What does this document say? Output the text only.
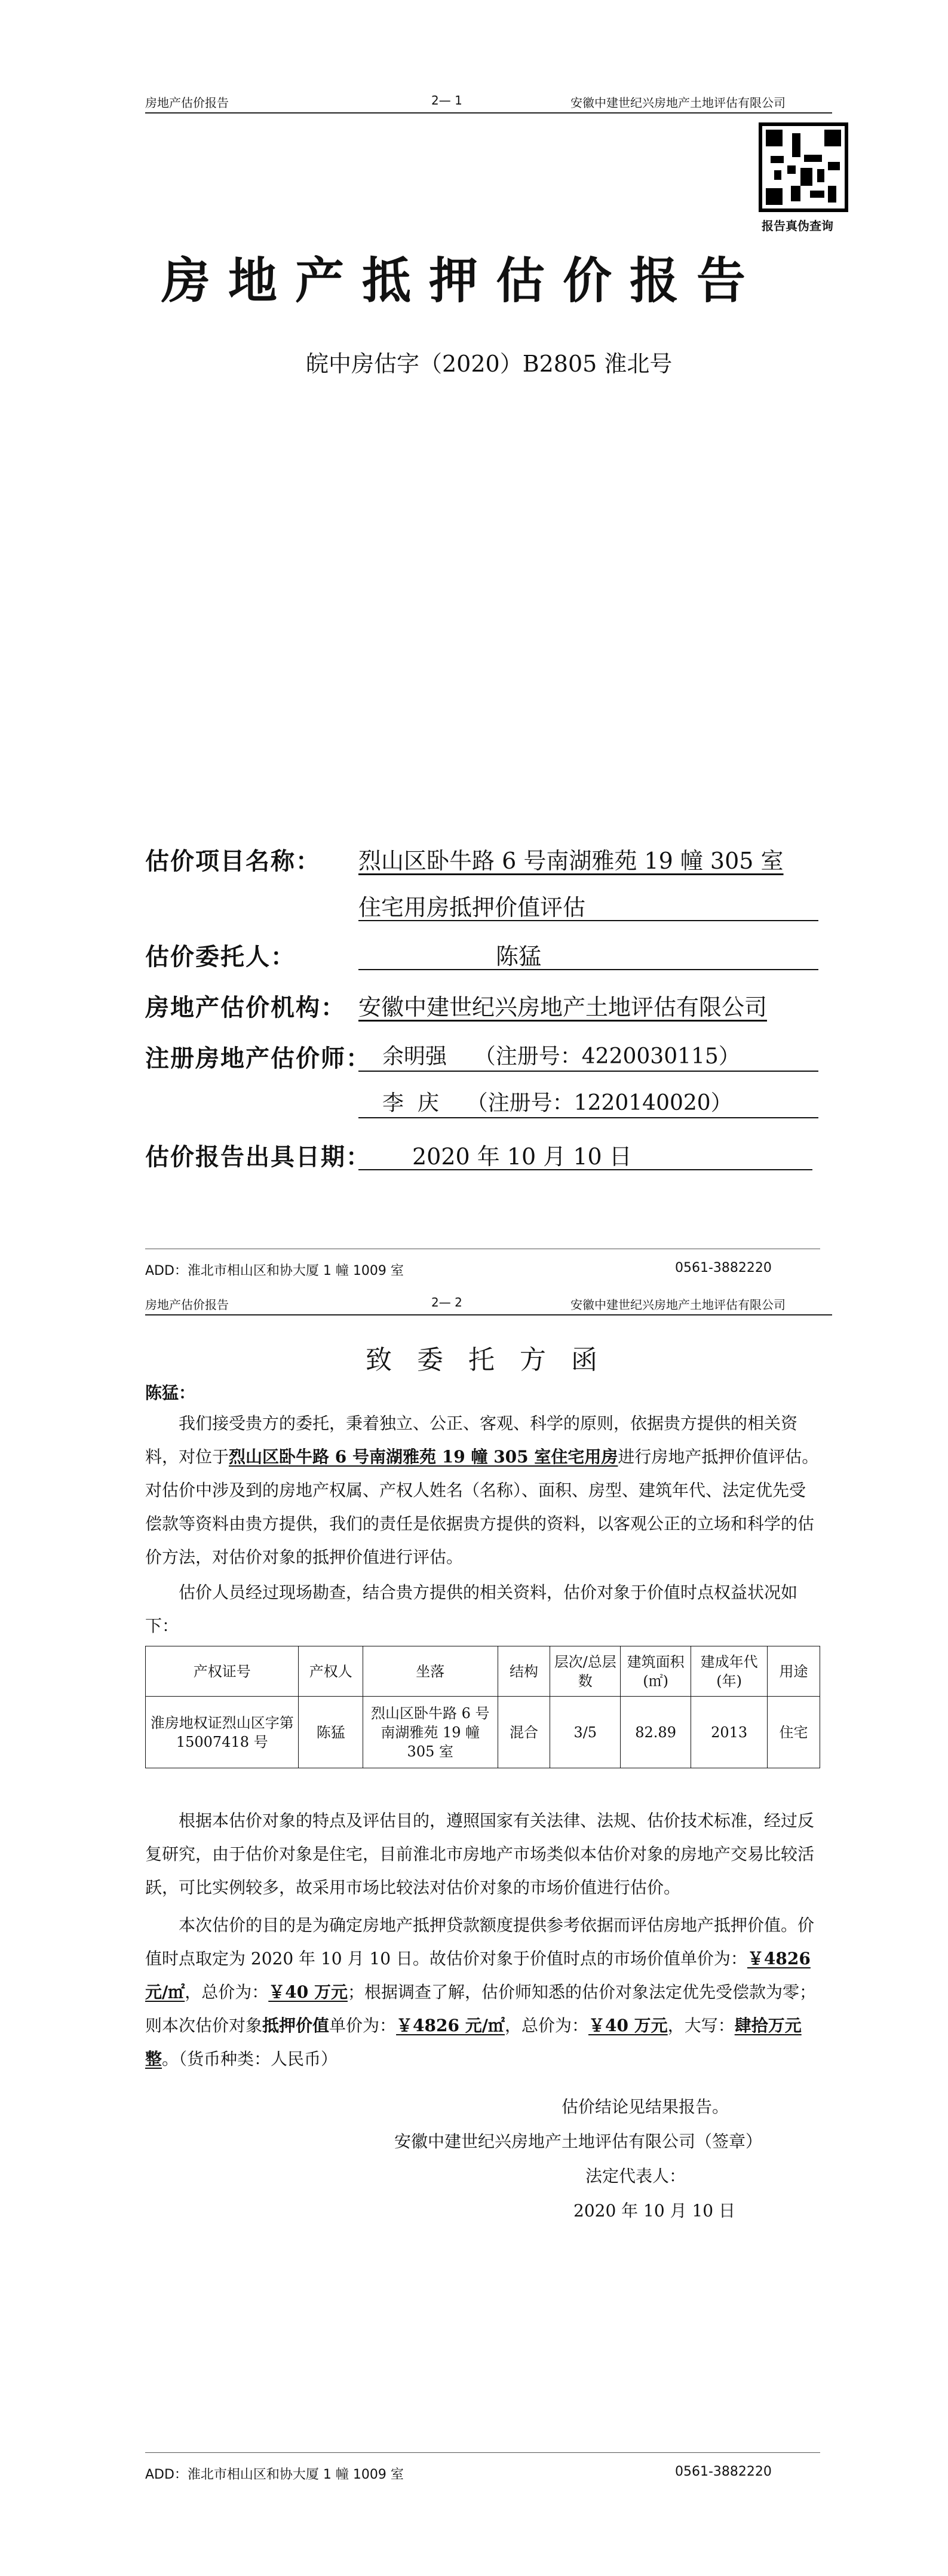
房地产估价报告	2— 1	安徽中建世纪兴房地产土地评估有限公司
报告真伪查询
房地产抵押估价报告
皖中房估字（2020）B2805 淮北号
估价项目名称： 烈山区卧牛路 6 号南湖雅苑 19 幢 305 室
住宅用房抵押价值评估
估价委托人：	陈猛
房地产估价机构： 安徽中建世纪兴房地产土地评估有限公司
注册房地产估价师： 余明强    （注册号：4220030115）
李  庆    （注册号：1220140020）
估价报告出具日期： 2020 年 10 月 10 日
ADD：淮北市相山区和协大厦 1 幢 1009 室	0561-3882220
房地产估价报告	2— 2	安徽中建世纪兴房地产土地评估有限公司
致委托方函
陈猛：
我们接受贵方的委托，秉着独立、公正、客观、科学的原则，依据贵方提供的相关资料，对位于烈山区卧牛路 6 号南湖雅苑 19 幢 305 室住宅用房进行房地产抵押价值评估。对估价中涉及到的房地产权属、产权人姓名（名称）、面积、房型、建筑年代、法定优先受偿款等资料由贵方提供，我们的责任是依据贵方提供的资料，以客观公正的立场和科学的估价方法，对估价对象的抵押价值进行评估。
估价人员经过现场勘查，结合贵方提供的相关资料，估价对象于价值时点权益状况如下：
产权证号	产权人	坐落	结构	层次/总层数	建筑面积(㎡)	建成年代(年)	用途
淮房地权证烈山区字第 15007418 号	陈猛	烈山区卧牛路 6 号南湖雅苑 19 幢 305 室	混合	3/5	82.89	2013	住宅
根据本估价对象的特点及评估目的，遵照国家有关法律、法规、估价技术标准，经过反复研究，由于估价对象是住宅，目前淮北市房地产市场类似本估价对象的房地产交易比较活跃，可比实例较多，故采用市场比较法对估价对象的市场价值进行估价。
本次估价的目的是为确定房地产抵押贷款额度提供参考依据而评估房地产抵押价值。价值时点取定为 2020 年 10 月 10 日。故估价对象于价值时点的市场价值单价为：￥4826 元/㎡，总价为：￥40 万元；根据调查了解，估价师知悉的估价对象法定优先受偿款为零；则本次估价对象抵押价值单价为：￥4826 元/㎡，总价为：￥40 万元，大写：肆拾万元整。（货币种类：人民币）
估价结论见结果报告。
安徽中建世纪兴房地产土地评估有限公司（签章）
法定代表人：
2020 年 10 月 10 日
ADD：淮北市相山区和协大厦 1 幢 1009 室	0561-3882220
